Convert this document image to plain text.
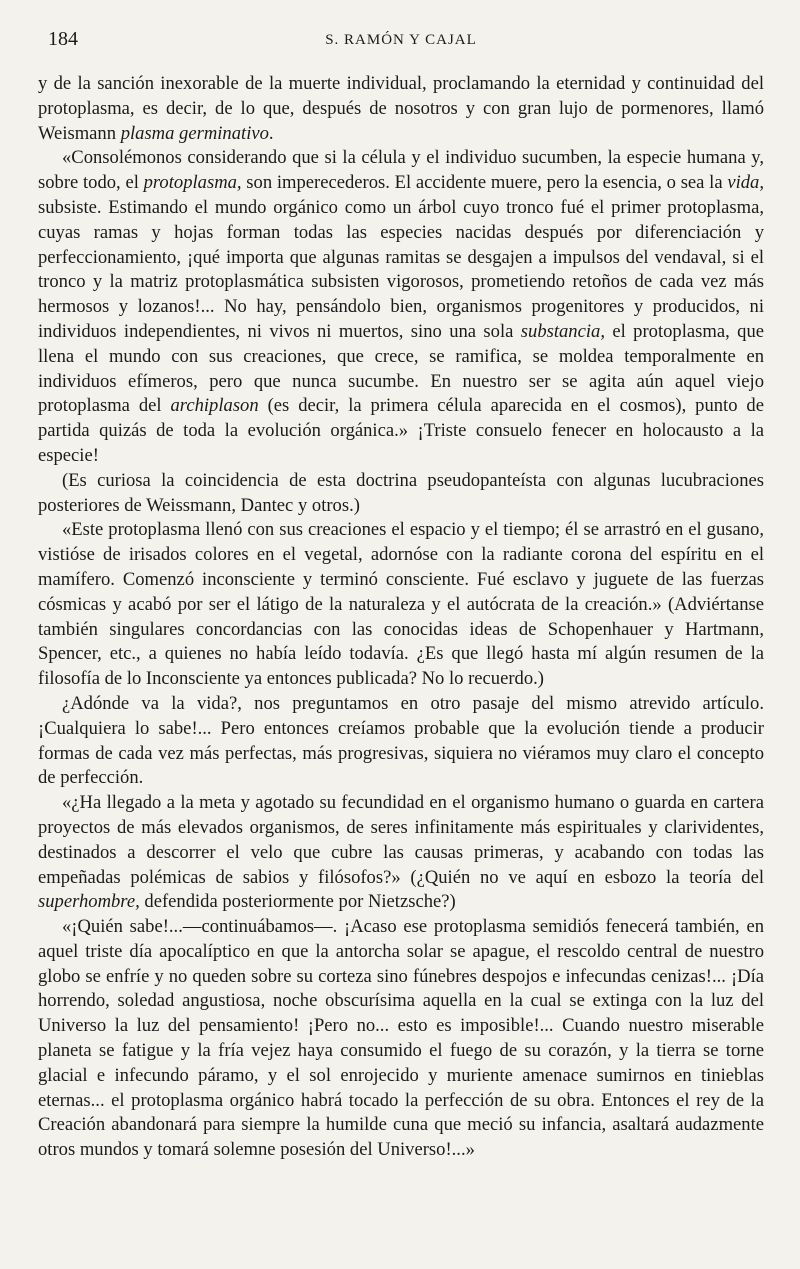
184	S. RAMÓN Y CAJAL

y de la sanción inexorable de la muerte individual, proclamando la eternidad y continuidad del protoplasma, es decir, de lo que, después de nosotros y con gran lujo de pormenores, llamó Weismann plasma germinativo.

«Consolémonos considerando que si la célula y el individuo sucumben, la especie humana y, sobre todo, el protoplasma, son imperecederos. El accidente muere, pero la esencia, o sea la vida, subsiste. Estimando el mundo orgánico como un árbol cuyo tronco fué el primer protoplasma, cuyas ramas y hojas forman todas las especies nacidas después por diferenciación y perfeccionamiento, ¡qué importa que algunas ramitas se desgajen a impulsos del vendaval, si el tronco y la matriz protoplasmática subsisten vigorosos, prometiendo retoños de cada vez más hermosos y lozanos!... No hay, pensándolo bien, organismos progenitores y producidos, ni individuos independientes, ni vivos ni muertos, sino una sola substancia, el protoplasma, que llena el mundo con sus creaciones, que crece, se ramifica, se moldea temporalmente en individuos efímeros, pero que nunca sucumbe. En nuestro ser se agita aún aquel viejo protoplasma del archiplason (es decir, la primera célula aparecida en el cosmos), punto de partida quizás de toda la evolución orgánica.» ¡Triste consuelo fenecer en holocausto a la especie!

(Es curiosa la coincidencia de esta doctrina pseudopanteísta con algunas lucubraciones posteriores de Weissmann, Dantec y otros.)

«Este protoplasma llenó con sus creaciones el espacio y el tiempo; él se arrastró en el gusano, vistióse de irisados colores en el vegetal, adornóse con la radiante corona del espíritu en el mamífero. Comenzó inconsciente y terminó consciente. Fué esclavo y juguete de las fuerzas cósmicas y acabó por ser el látigo de la naturaleza y el autócrata de la creación.» (Adviértanse también singulares concordancias con las conocidas ideas de Schopenhauer y Hartmann, Spencer, etc., a quienes no había leído todavía. ¿Es que llegó hasta mí algún resumen de la filosofía de lo Inconsciente ya entonces publicada? No lo recuerdo.)

¿Adónde va la vida?, nos preguntamos en otro pasaje del mismo atrevido artículo. ¡Cualquiera lo sabe!... Pero entonces creíamos probable que la evolución tiende a producir formas de cada vez más perfectas, más progresivas, siquiera no viéramos muy claro el concepto de perfección.

«¿Ha llegado a la meta y agotado su fecundidad en el organismo humano o guarda en cartera proyectos de más elevados organismos, de seres infinitamente más espirituales y clarividentes, destinados a descorrer el velo que cubre las causas primeras, y acabando con todas las empeñadas polémicas de sabios y filósofos?» (¿Quién no ve aquí en esbozo la teoría del superhombre, defendida posteriormente por Nietzsche?)

«¡Quién sabe!...—continuábamos—. ¡Acaso ese protoplasma semidiós fenecerá también, en aquel triste día apocalíptico en que la antorcha solar se apague, el rescoldo central de nuestro globo se enfríe y no queden sobre su corteza sino fúnebres despojos e infecundas cenizas!... ¡Día horrendo, soledad angustiosa, noche obscurísima aquella en la cual se extinga con la luz del Universo la luz del pensamiento! ¡Pero no... esto es imposible!... Cuando nuestro miserable planeta se fatigue y la fría vejez haya consumido el fuego de su corazón, y la tierra se torne glacial e infecundo páramo, y el sol enrojecido y muriente amenace sumirnos en tinieblas eternas... el protoplasma orgánico habrá tocado la perfección de su obra. Entonces el rey de la Creación abandonará para siempre la humilde cuna que meció su infancia, asaltará audazmente otros mundos y tomará solemne posesión del Universo!...»
